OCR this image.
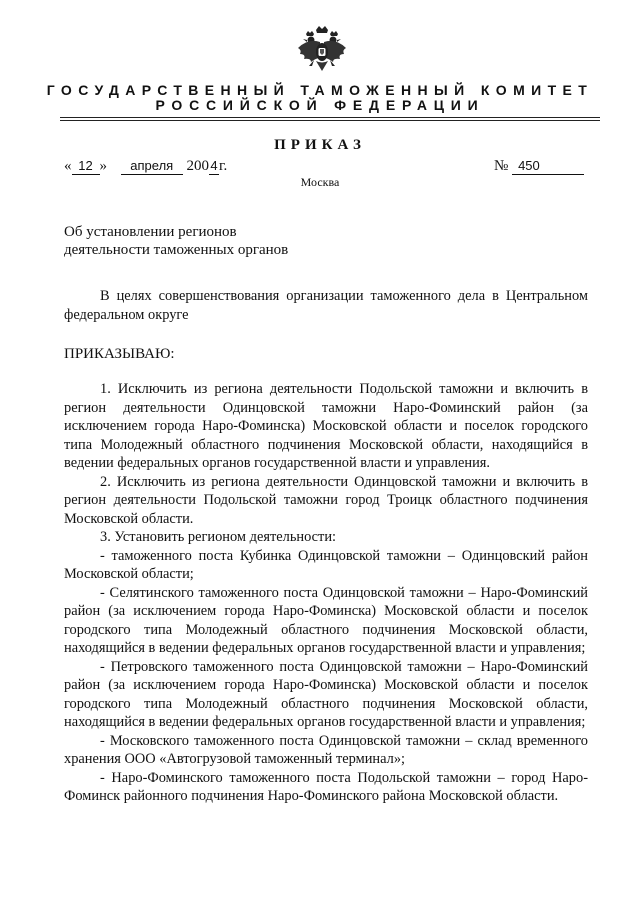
ГОСУДАРСТВЕННЫЙ ТАМОЖЕННЫЙ КОМИТЕТ
РОССИЙСКОЙ ФЕДЕРАЦИИ
ПРИКАЗ
« 12 » апреля 2004г.	№ 450
Москва
Об установлении регионов
деятельности таможенных органов

В целях совершенствования организации таможенного дела в Центральном федеральном округе

ПРИКАЗЫВАЮ:

1. Исключить из региона деятельности Подольской таможни и включить в регион деятельности Одинцовской таможни Наро-Фоминский район (за исключением города Наро-Фоминска) Московской области и поселок городского типа Молодежный областного подчинения Московской области, находящийся в ведении федеральных органов государственной власти и управления.

2. Исключить из региона деятельности Одинцовской таможни и включить в регион деятельности Подольской таможни город Троицк областного подчинения Московской области.

3. Установить регионом деятельности:

- таможенного поста Кубинка Одинцовской таможни – Одинцовский район Московской области;

- Селятинского таможенного поста Одинцовской таможни – Наро-Фоминский район (за исключением города Наро-Фоминска) Московской области и поселок городского типа Молодежный областного подчинения Московской области, находящийся в ведении федеральных органов государственной власти и управления;

- Петровского таможенного поста Одинцовской таможни – Наро-Фоминский район (за исключением города Наро-Фоминска) Московской области и поселок городского типа Молодежный областного подчинения Московской области, находящийся в ведении федеральных органов государственной власти и управления;

- Московского таможенного поста Одинцовской таможни – склад временного хранения ООО «Автогрузовой таможенный терминал»;

- Наро-Фоминского таможенного поста Подольской таможни – город Наро-Фоминск районного подчинения Наро-Фоминского района Московской области.
